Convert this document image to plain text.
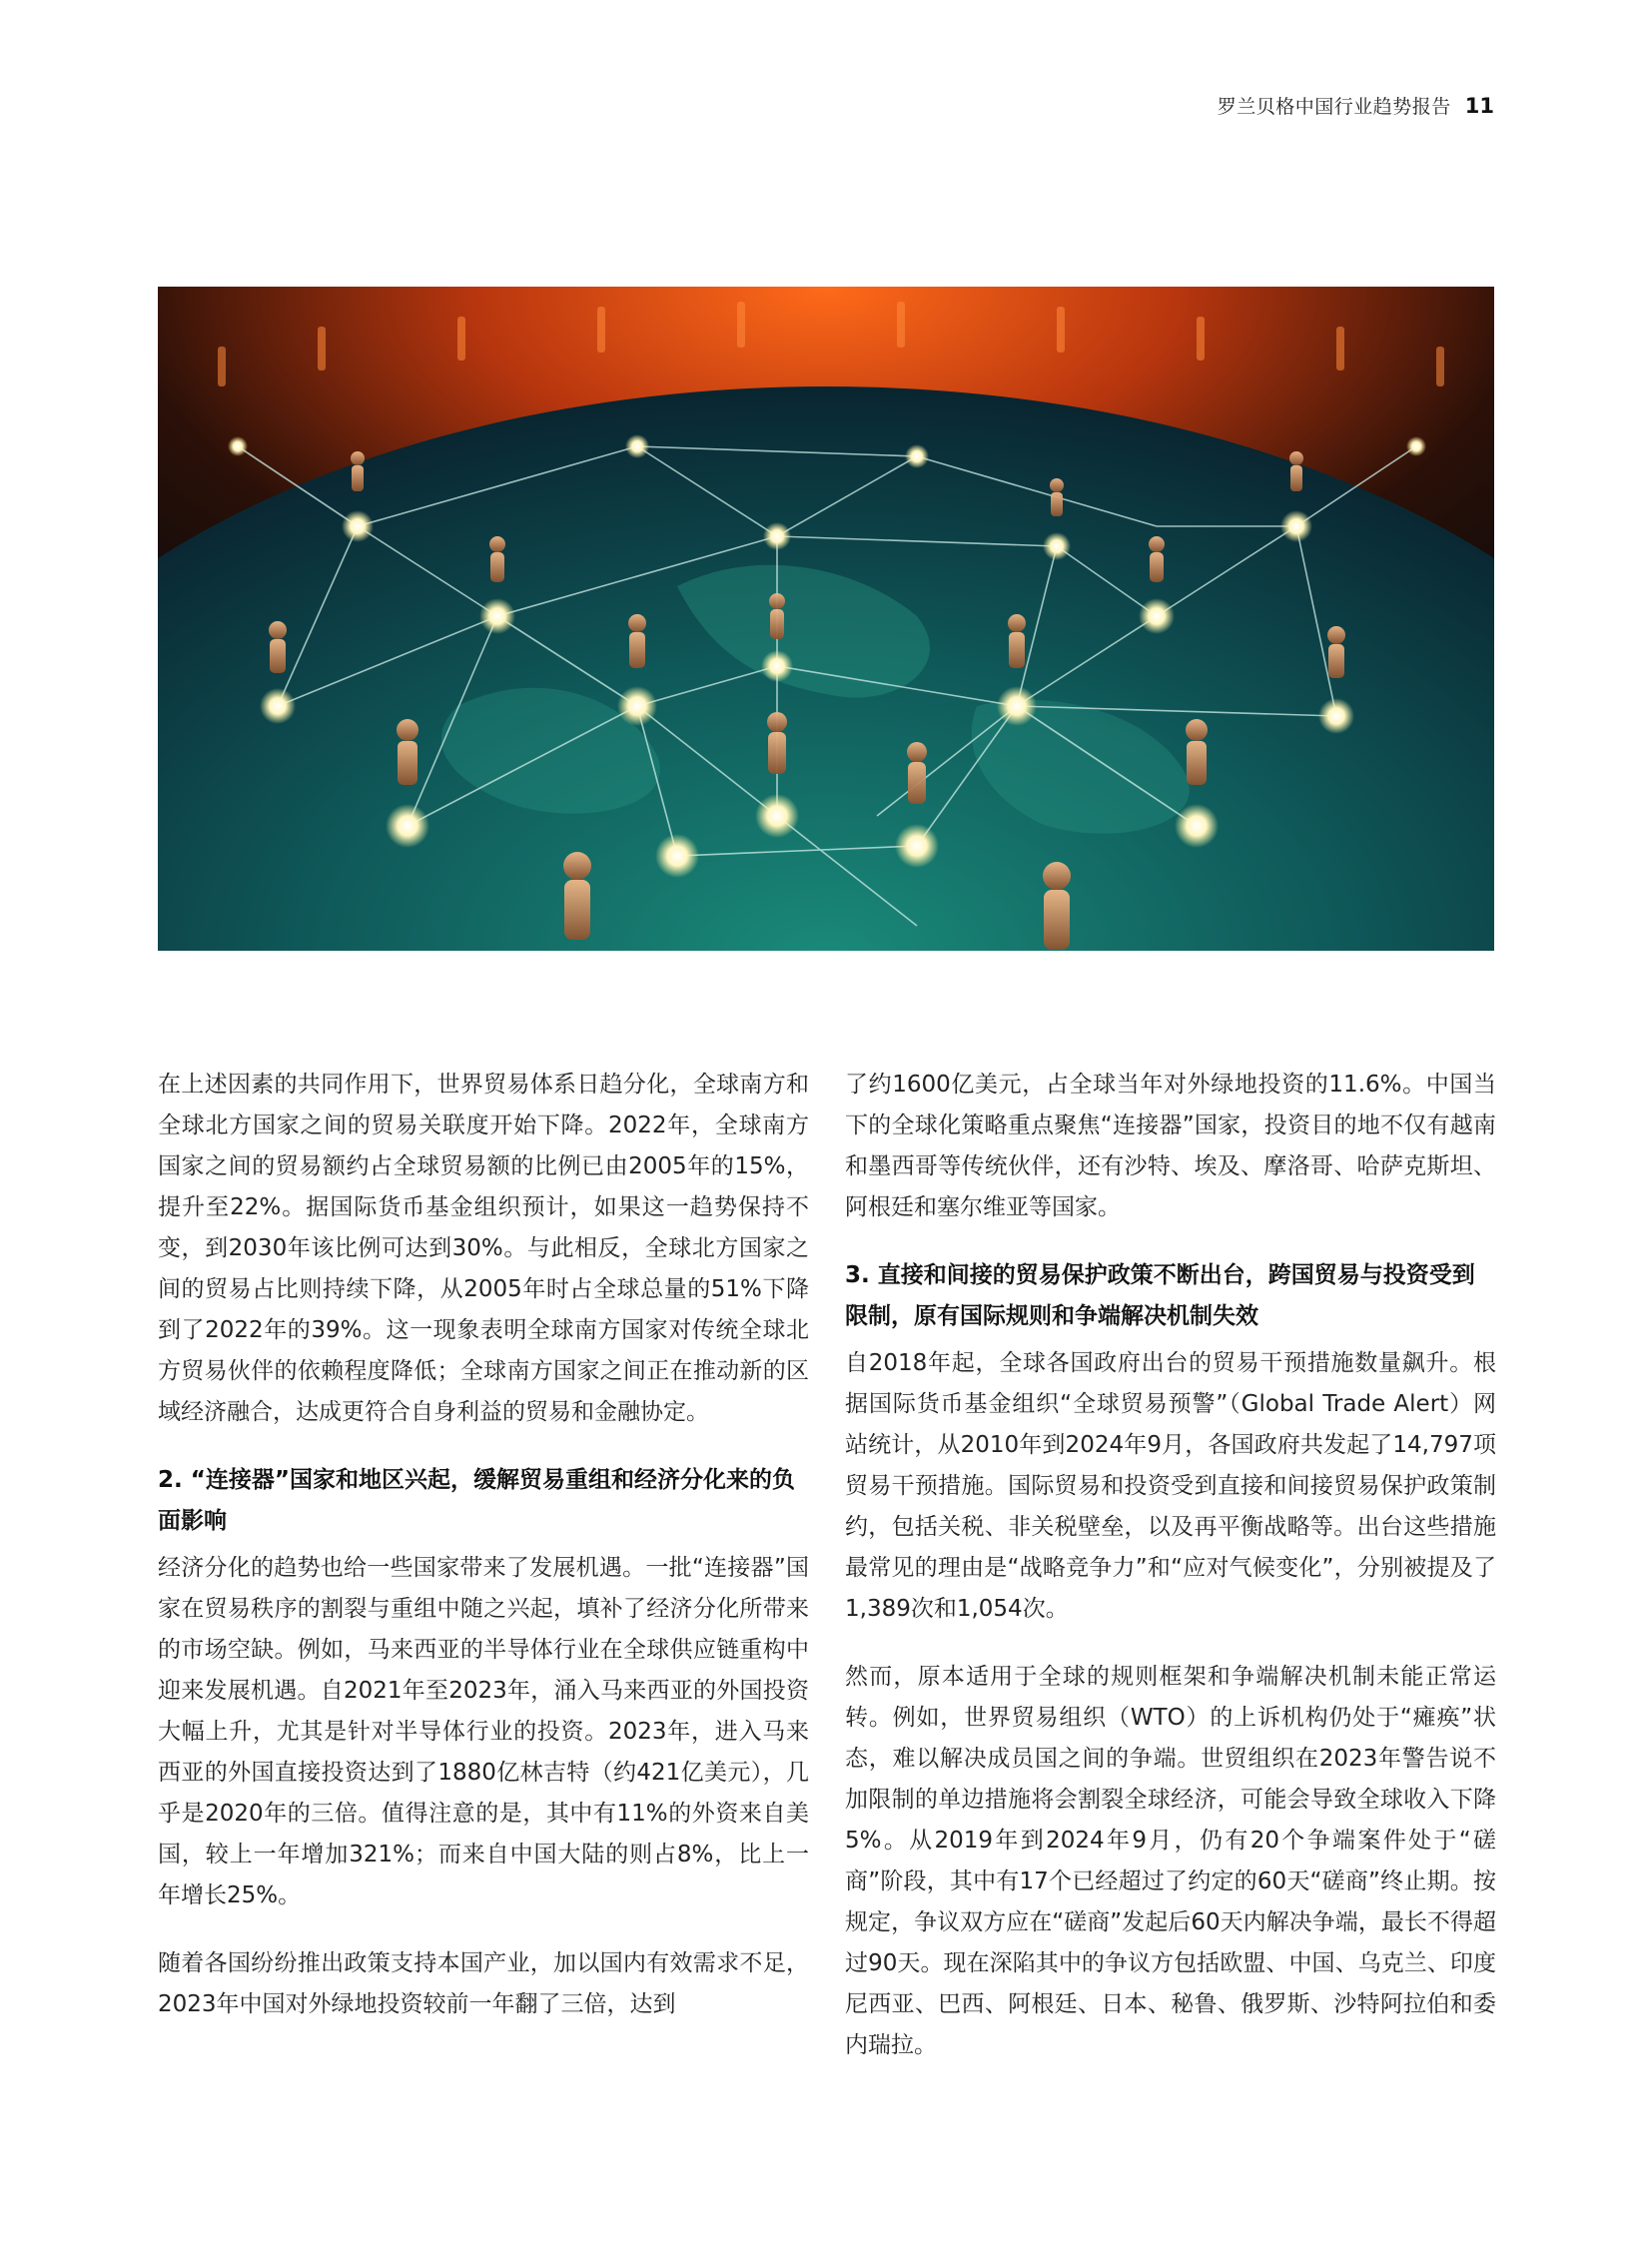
罗兰贝格中国行业趋势报告 11

在上述因素的共同作用下，世界贸易体系日趋分化，全球南方和全球北方国家之间的贸易关联度开始下降。2022年，全球南方国家之间的贸易额约占全球贸易额的比例已由2005年的15%，提升至22%。据国际货币基金组织预计，如果这一趋势保持不变，到2030年该比例可达到30%。与此相反，全球北方国家之间的贸易占比则持续下降，从2005年时占全球总量的51%下降到了2022年的39%。这一现象表明全球南方国家对传统全球北方贸易伙伴的依赖程度降低；全球南方国家之间正在推动新的区域经济融合，达成更符合自身利益的贸易和金融协定。

2. “连接器”国家和地区兴起，缓解贸易重组和经济分化来的负面影响

经济分化的趋势也给一些国家带来了发展机遇。一批“连接器”国家在贸易秩序的割裂与重组中随之兴起，填补了经济分化所带来的市场空缺。例如，马来西亚的半导体行业在全球供应链重构中迎来发展机遇。自2021年至2023年，涌入马来西亚的外国投资大幅上升，尤其是针对半导体行业的投资。2023年，进入马来西亚的外国直接投资达到了1880亿林吉特（约421亿美元），几乎是2020年的三倍。值得注意的是，其中有11%的外资来自美国，较上一年增加321%；而来自中国大陆的则占8%，比上一年增长25%。

随着各国纷纷推出政策支持本国产业，加以国内有效需求不足，2023年中国对外绿地投资较前一年翻了三倍，达到

了约1600亿美元，占全球当年对外绿地投资的11.6%。中国当下的全球化策略重点聚焦“连接器”国家，投资目的地不仅有越南和墨西哥等传统伙伴，还有沙特、埃及、摩洛哥、哈萨克斯坦、阿根廷和塞尔维亚等国家。

3. 直接和间接的贸易保护政策不断出台，跨国贸易与投资受到限制，原有国际规则和争端解决机制失效

自2018年起，全球各国政府出台的贸易干预措施数量飙升。根据国际货币基金组织“全球贸易预警”（Global Trade Alert）网站统计，从2010年到2024年9月，各国政府共发起了14,797项贸易干预措施。国际贸易和投资受到直接和间接贸易保护政策制约，包括关税、非关税壁垒，以及再平衡战略等。出台这些措施最常见的理由是“战略竞争力”和“应对气候变化”，分别被提及了1,389次和1,054次。

然而，原本适用于全球的规则框架和争端解决机制未能正常运转。例如，世界贸易组织（WTO）的上诉机构仍处于“瘫痪”状态，难以解决成员国之间的争端。世贸组织在2023年警告说不加限制的单边措施将会割裂全球经济，可能会导致全球收入下降5%。从2019年到2024年9月，仍有20个争端案件处于“磋商”阶段，其中有17个已经超过了约定的60天“磋商”终止期。按规定，争议双方应在“磋商”发起后60天内解决争端，最长不得超过90天。现在深陷其中的争议方包括欧盟、中国、乌克兰、印度尼西亚、巴西、阿根廷、日本、秘鲁、俄罗斯、沙特阿拉伯和委内瑞拉。
